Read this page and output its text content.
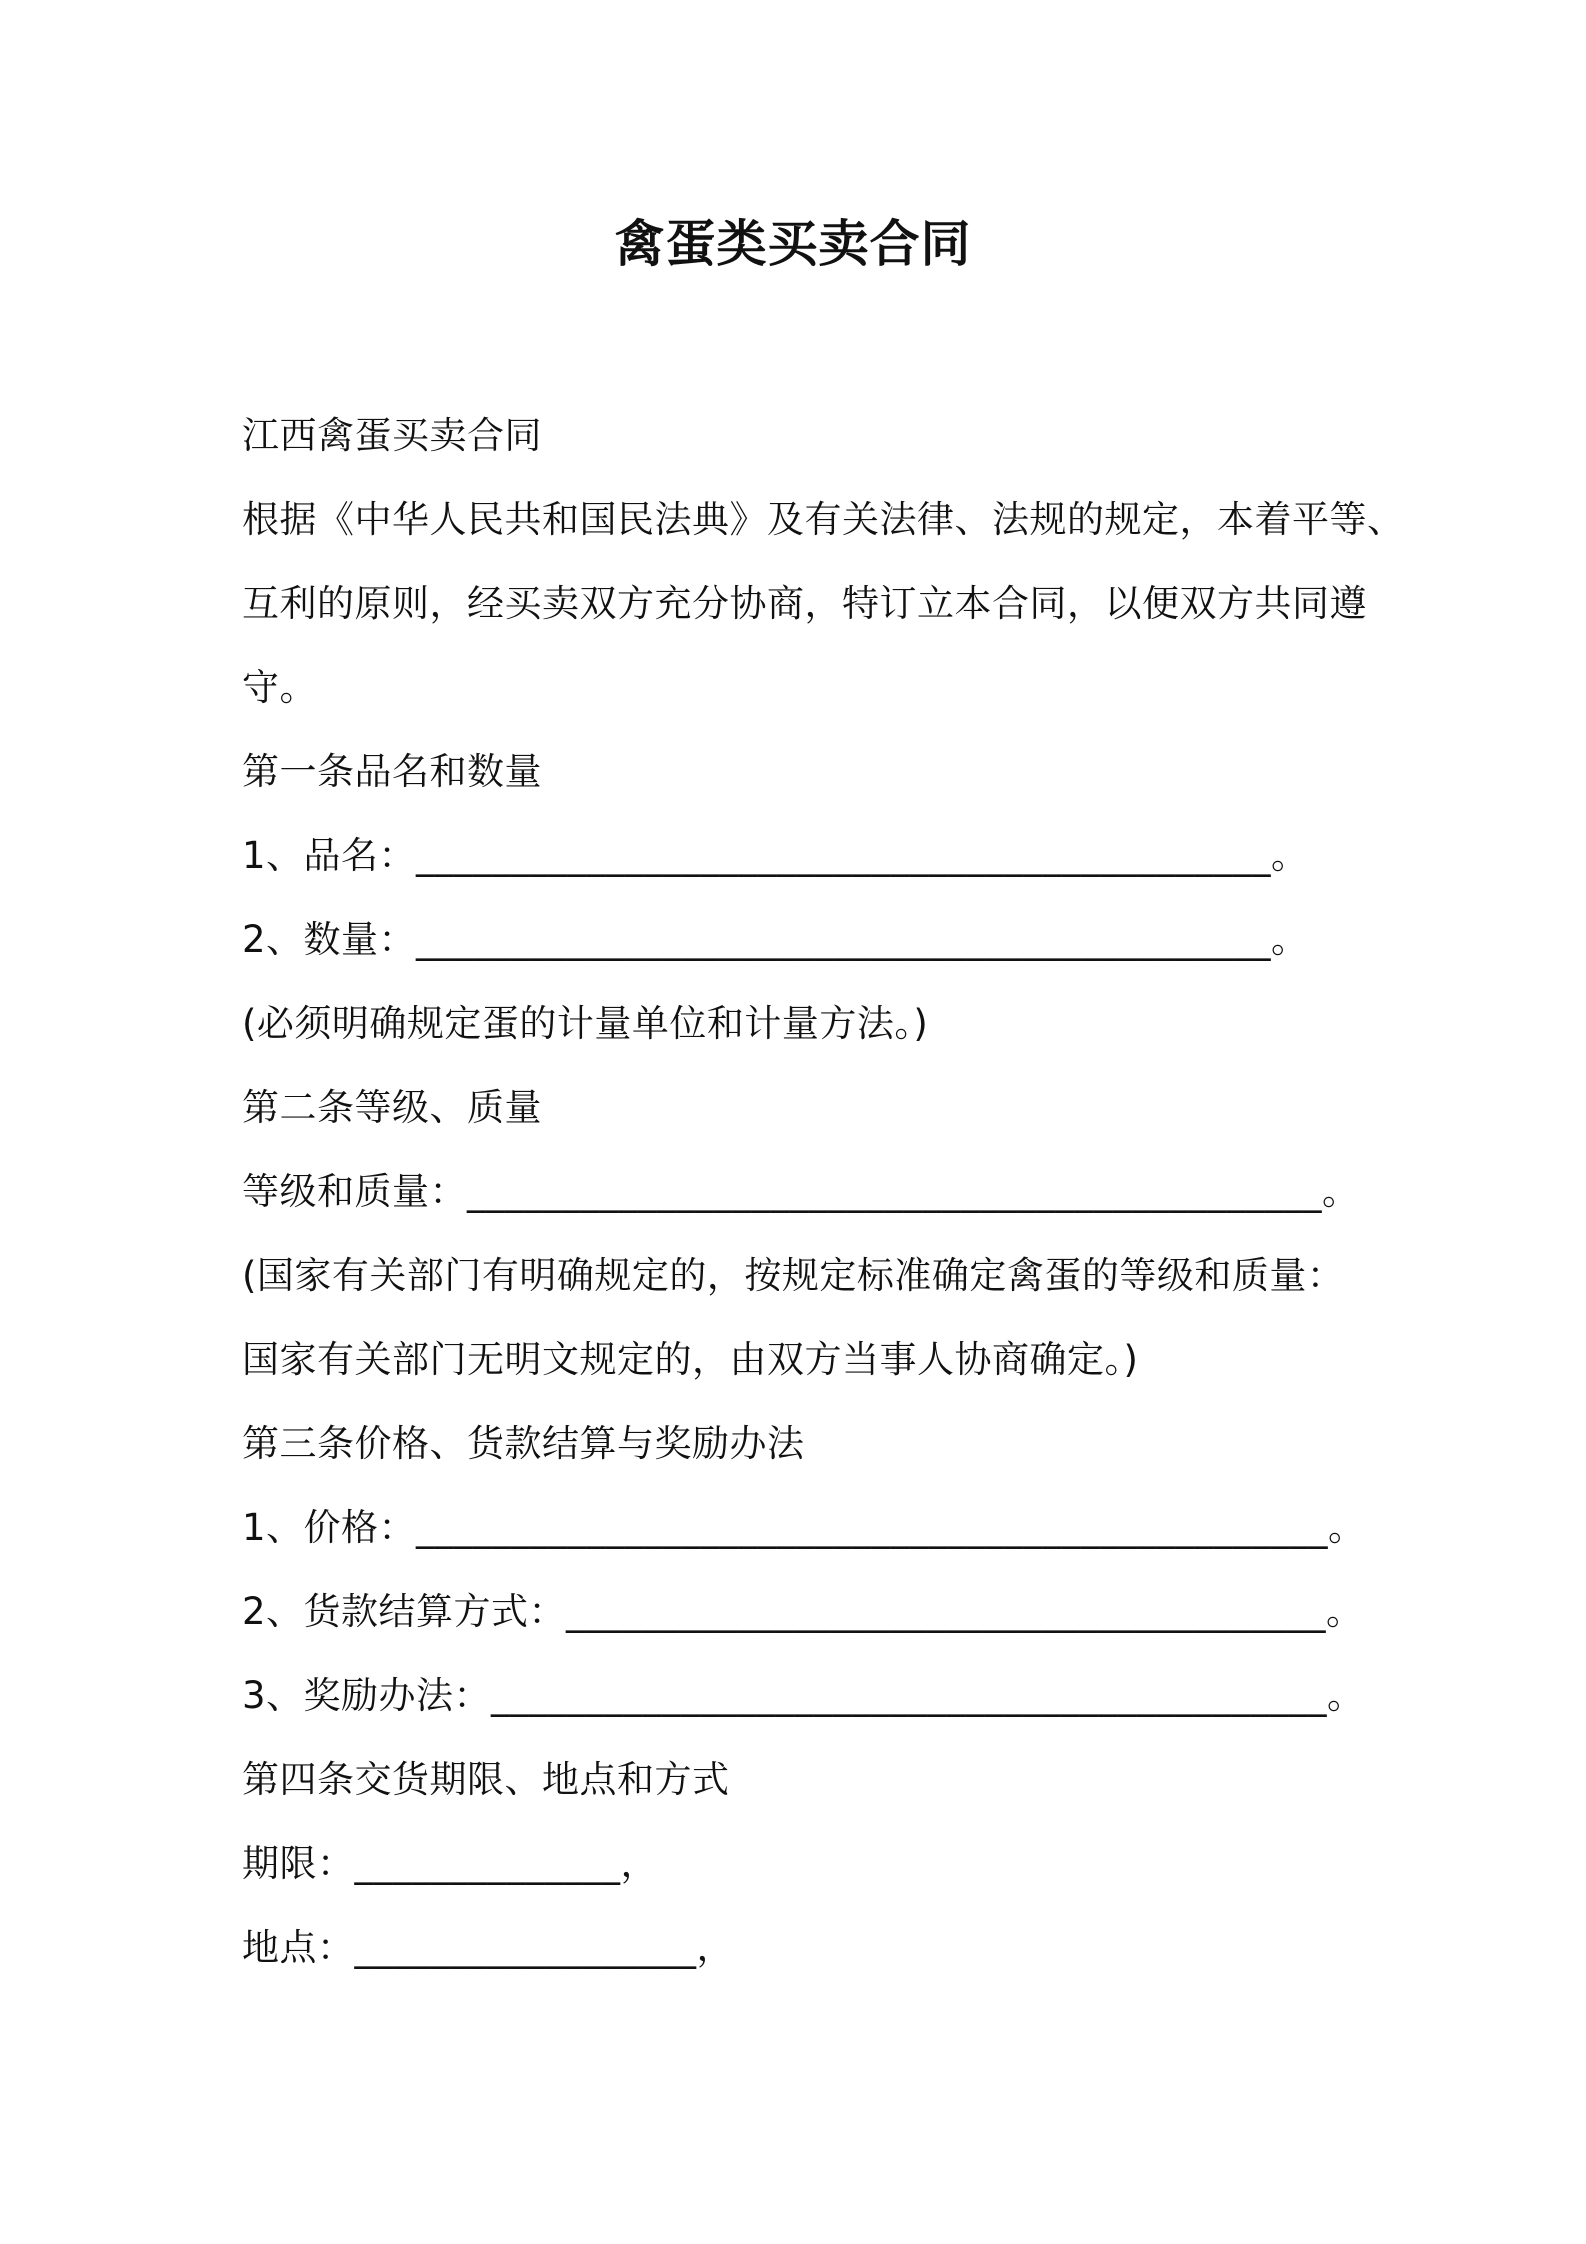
禽蛋类买卖合同
江西禽蛋买卖合同
根据《中华人民共和国民法典》及有关法律、法规的规定，本着平等、
互利的原则，经买卖双方充分协商，特订立本合同，以便双方共同遵
守。
第一条品名和数量
1、品名：_____________________________________________。
2、数量：_____________________________________________。
(必须明确规定蛋的计量单位和计量方法。)
第二条等级、质量
等级和质量：_____________________________________________。
(国家有关部门有明确规定的，按规定标准确定禽蛋的等级和质量：
国家有关部门无明文规定的，由双方当事人协商确定。)
第三条价格、货款结算与奖励办法
1、价格：________________________________________________。
2、货款结算方式：________________________________________。
3、奖励办法：____________________________________________。
第四条交货期限、地点和方式
期限：______________，
地点：__________________，
